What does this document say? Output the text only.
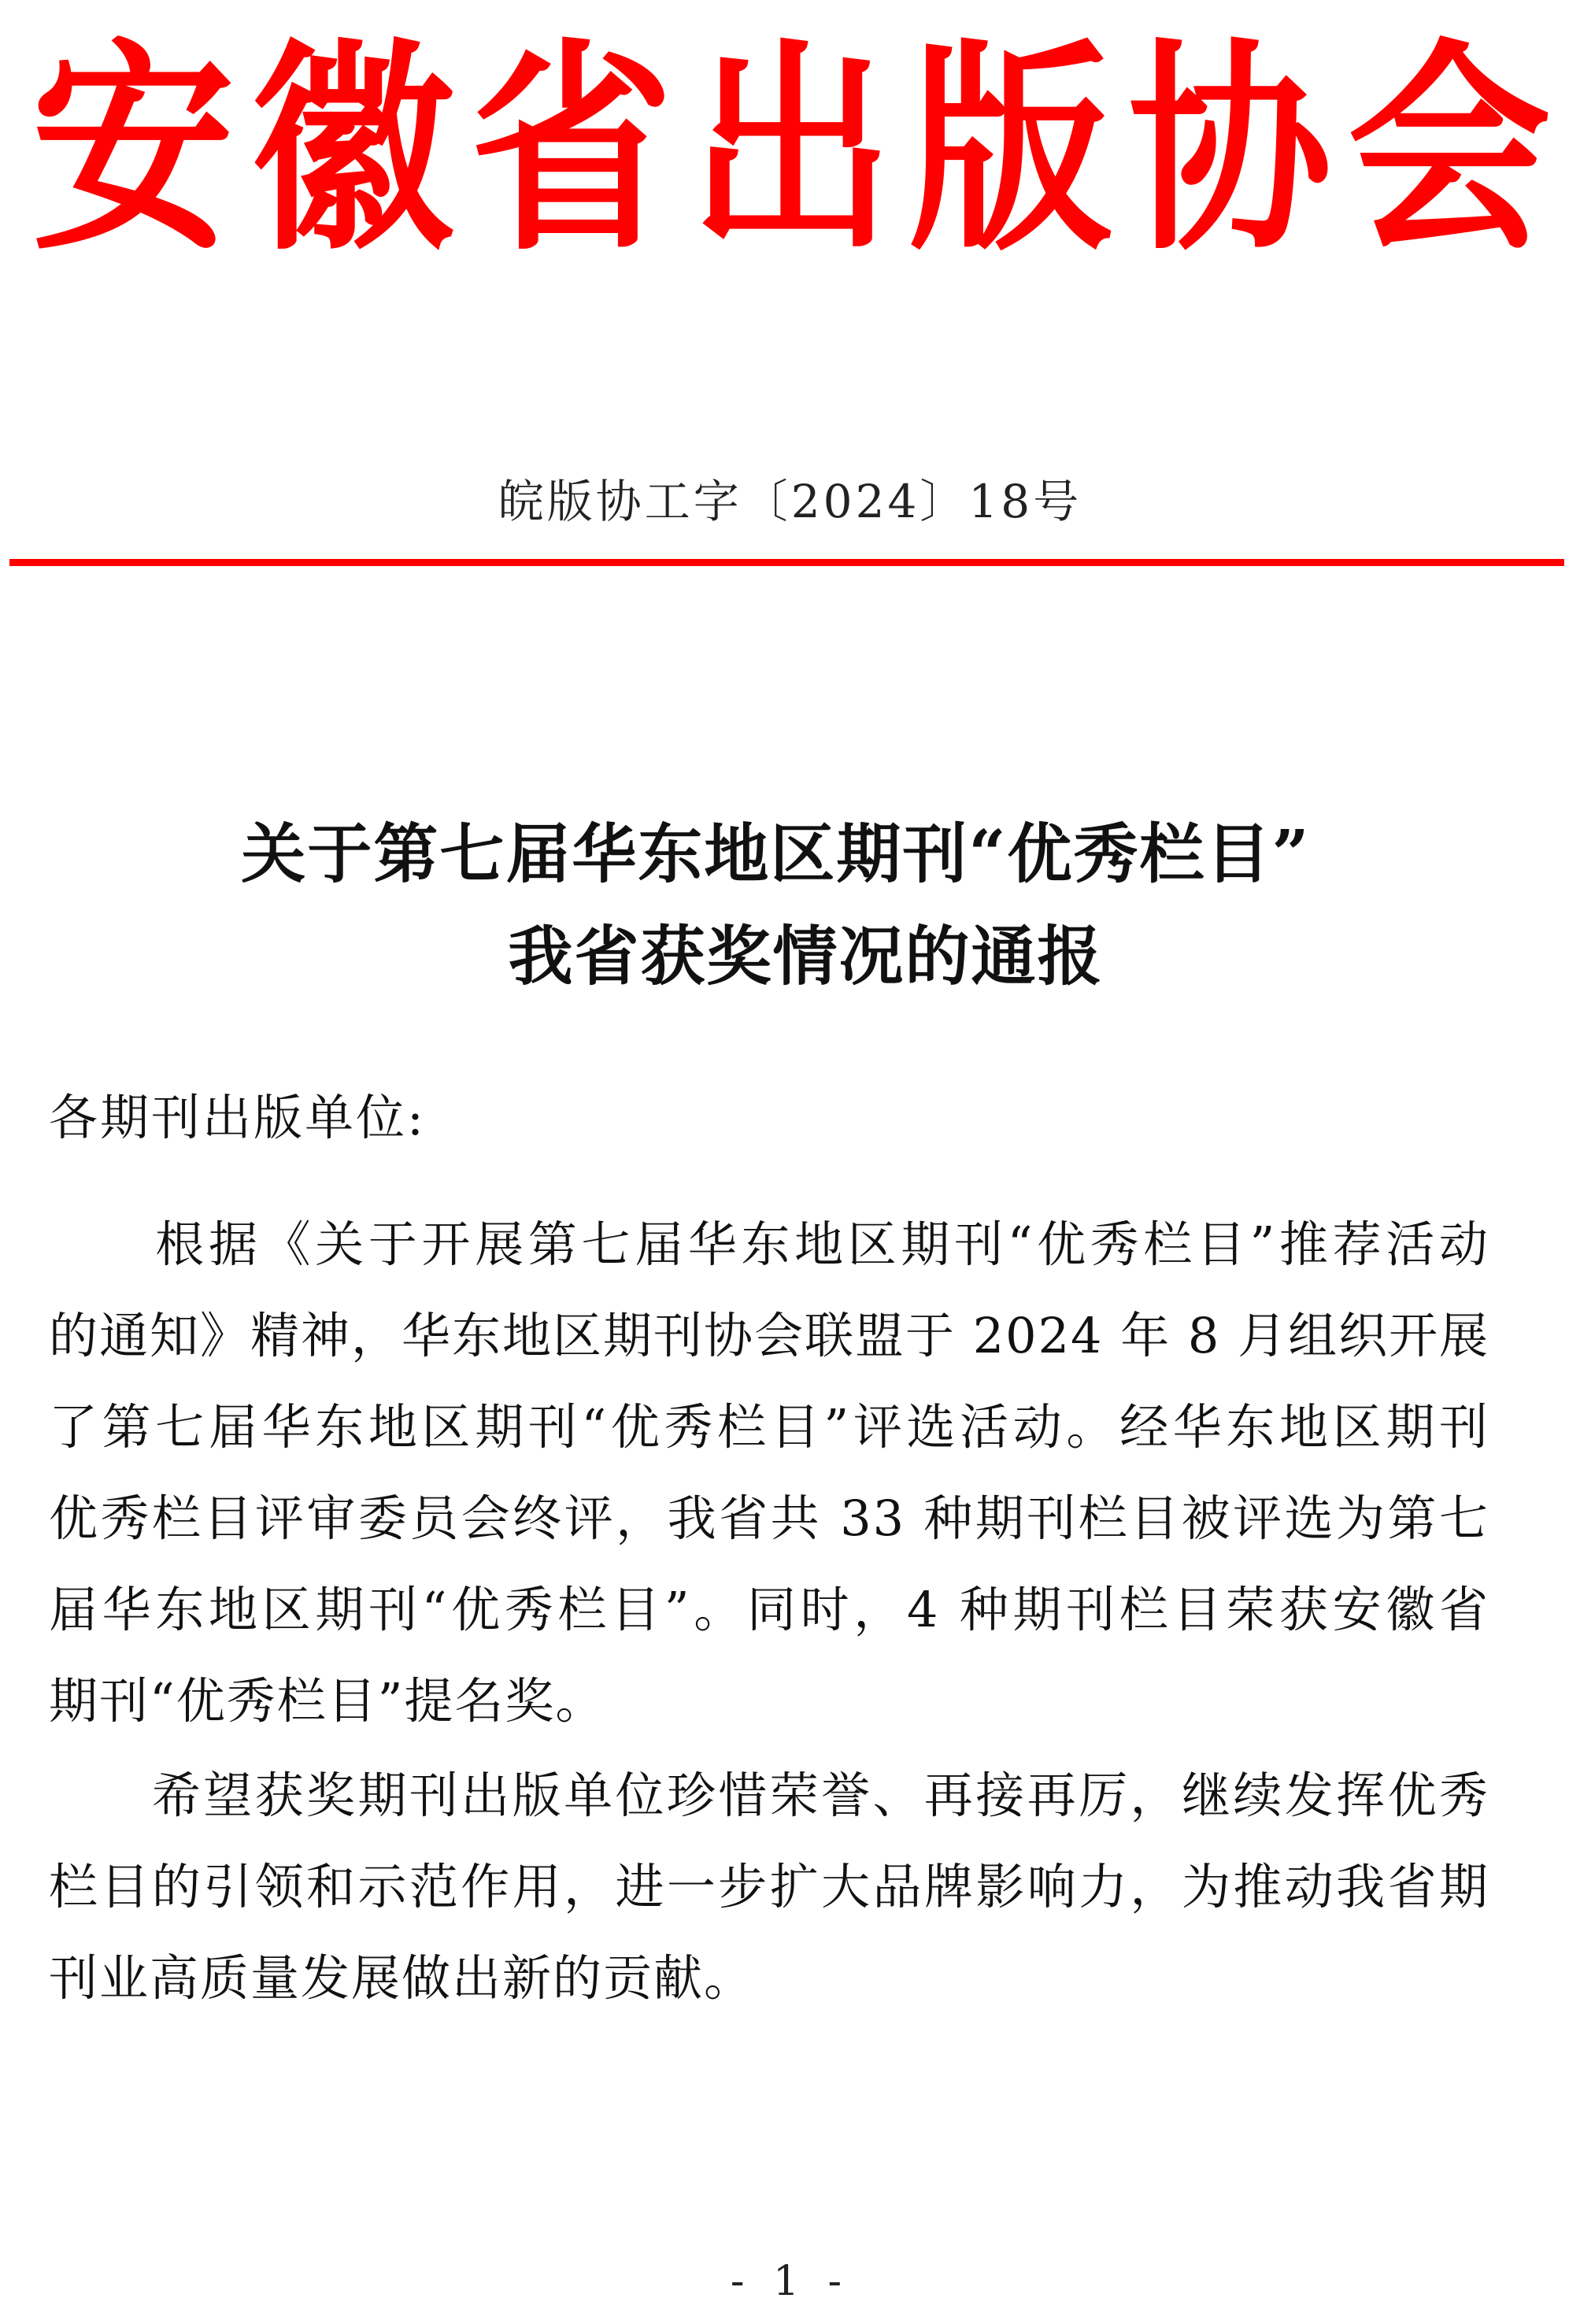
安 徽 省 出 版 协 会
皖版协工字〔2024〕18号
关于第七届华东地区期刊“优秀栏目”
我省获奖情况的通报
各期刊出版单位:
　　根据《关于开展第七届华东地区期刊“优秀栏目”推荐活动
的通知》精神，华东地区期刊协会联盟于 2024 年 8 月组织开展
了第七届华东地区期刊“优秀栏目”评选活动。经华东地区期刊
优秀栏目评审委员会终评，我省共 33 种期刊栏目被评选为第七
届华东地区期刊“优秀栏目”。同时，4 种期刊栏目荣获安徽省
期刊“优秀栏目”提名奖。
　　希望获奖期刊出版单位珍惜荣誉、再接再厉，继续发挥优秀
栏目的引领和示范作用，进一步扩大品牌影响力，为推动我省期
刊业高质量发展做出新的贡献。
- 1 -
